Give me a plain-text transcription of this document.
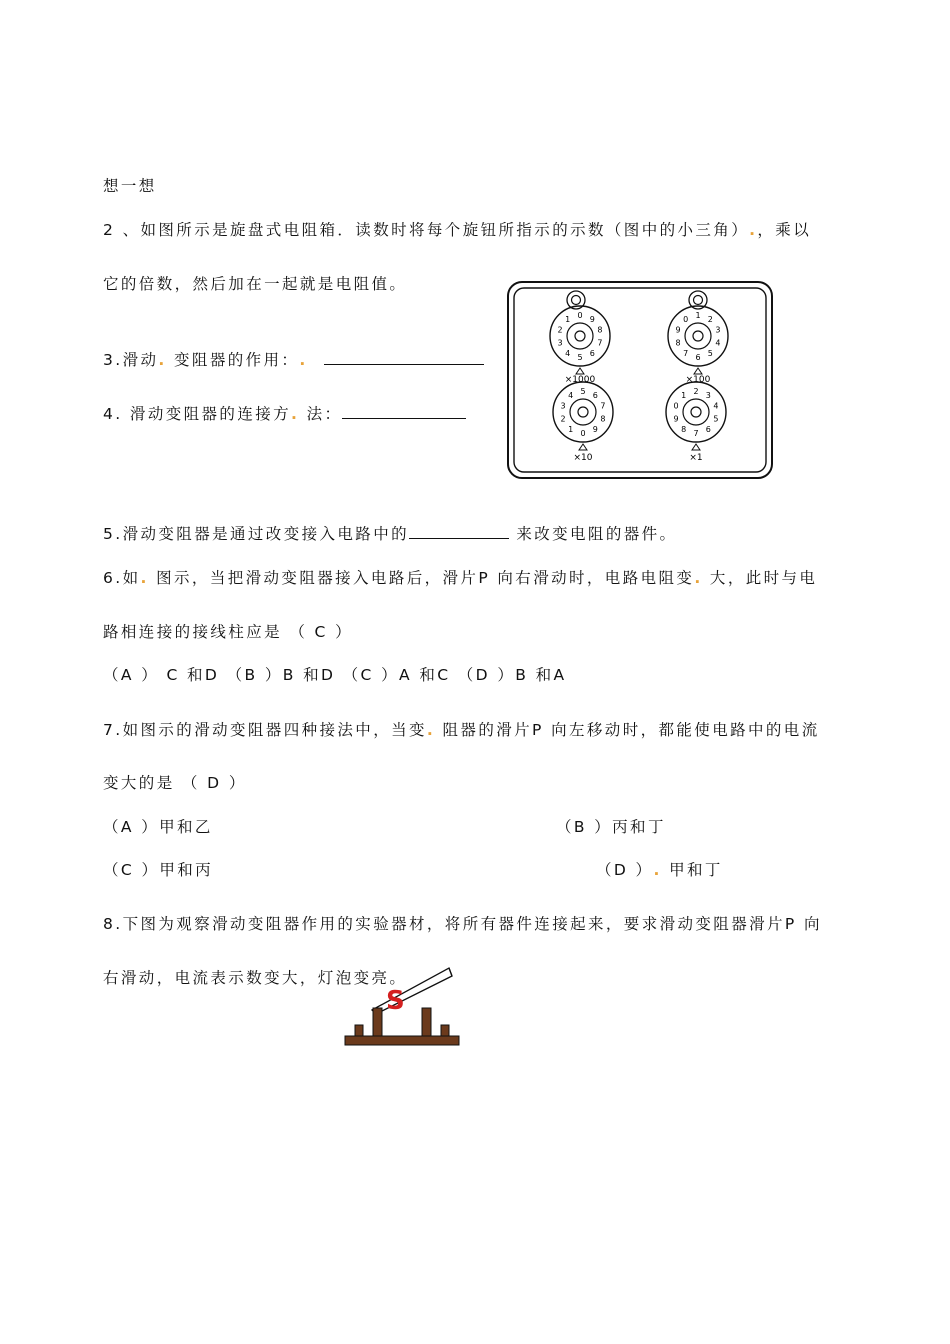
想一想
2 、如图所示是旋盘式电阻箱．读数时将每个旋钮所指示的示数（图中的小三角）.，乘以
它的倍数，然后加在一起就是电阻值。
3.滑动. 变阻器的作用：.
4. 滑动变阻器的连接方. 法：
0 9
8
7
6
5
4
3
2
1	1 2
3
4
5
6
7
8
9
0
5 6
7
8
9
0
1
2
3
4	2 3
4
5
6
7
8
9
0
1
×1000	×100
×10	×1
5.滑动变阻器是通过改变接入电路中的	来改变电阻的器件。
6.如. 图示，当把滑动变阻器接入电路后，滑片P 向右滑动时，电路电阻变. 大，此时与电
路相连接的接线柱应是 （ C ）
（A ） C 和D （B ）B 和D （C ）A 和C （D ）B 和A
7.如图示的滑动变阻器四种接法中，当变. 阻器的滑片P 向左移动时，都能使电路中的电流
变大的是 （ D ）
（A ）甲和乙	（B ）丙和丁
（C ）甲和丙	（D ）. 甲和丁
8.下图为观察滑动变阻器作用的实验器材，将所有器件连接起来，要求滑动变阻器滑片P 向
右滑动，电流表示数变大，灯泡变亮。
S
